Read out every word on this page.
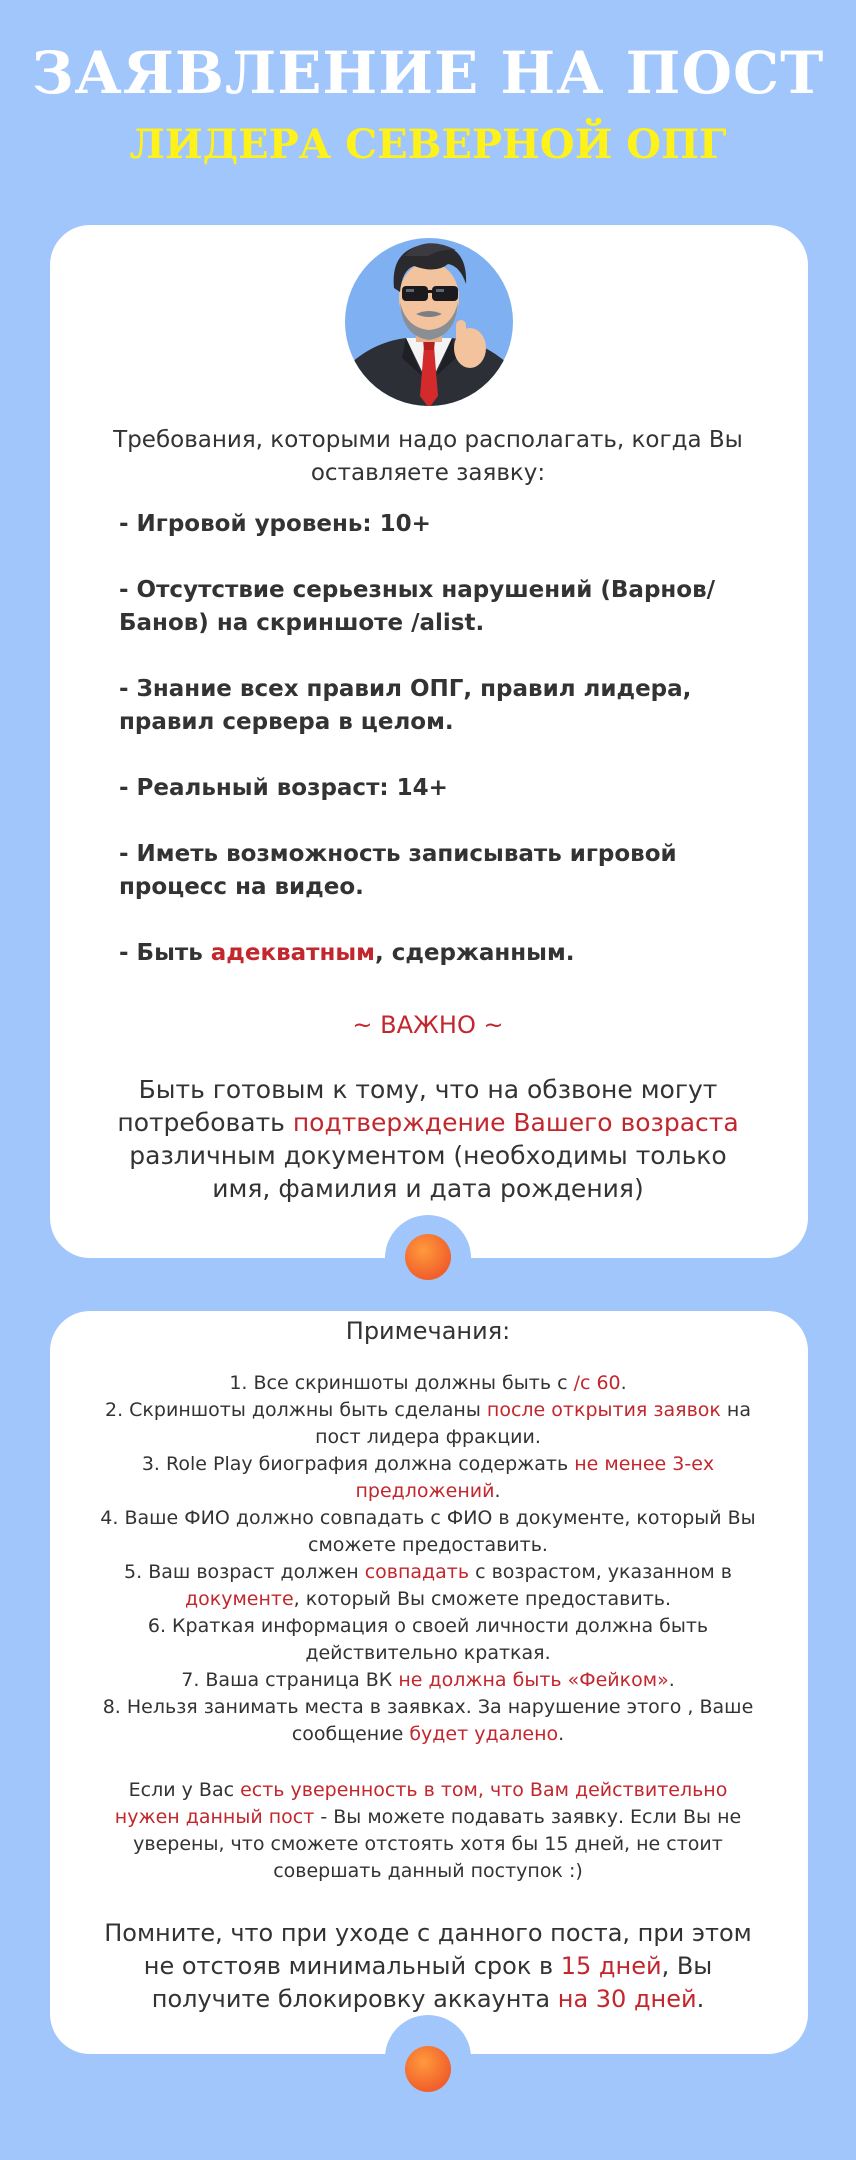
ЗАЯВЛЕНИЕ НА ПОСТ
ЛИДЕРА СЕВЕРНОЙ ОПГ
Требования, которыми надо располагать, когда Вы оставляете заявку:
- Игровой уровень: 10+
- Отсутствие серьезных нарушений (Варнов/Банов) на скриншоте /alist.
- Знание всех правил ОПГ, правил лидера, правил сервера в целом.
- Реальный возраст: 14+
- Иметь возможность записывать игровой процесс на видео.
- Быть адекватным, сдержанным.
~ ВАЖНО ~
Быть готовым к тому, что на обзвоне могут потребовать подтверждение Вашего возраста различным документом (необходимы только имя, фамилия и дата рождения)
Примечания:

1. Все скриншоты должны быть с /c 60.

2. Скриншоты должны быть сделаны после открытия заявок на пост лидера фракции.

3. Role Play биография должна содержать не менее 3-ех предложений.

4. Ваше ФИО должно совпадать с ФИО в документе, который Вы сможете предоставить.

5. Ваш возраст должен совпадать с возрастом, указанном в документе, который Вы сможете предоставить.

6. Краткая информация о своей личности должна быть действительно краткая.

7. Ваша страница ВК не должна быть «Фейком».

8. Нельзя занимать места в заявках. За нарушение этого , Ваше сообщение будет удалено.

Если у Вас есть уверенность в том, что Вам действительно нужен данный пост - Вы можете подавать заявку. Если Вы не уверены, что сможете отстоять хотя бы 15 дней, не стоит совершать данный поступок :)
Помните, что при уходе с данного поста, при этом не отстояв минимальный срок в 15 дней, Вы получите блокировку аккаунта на 30 дней.
